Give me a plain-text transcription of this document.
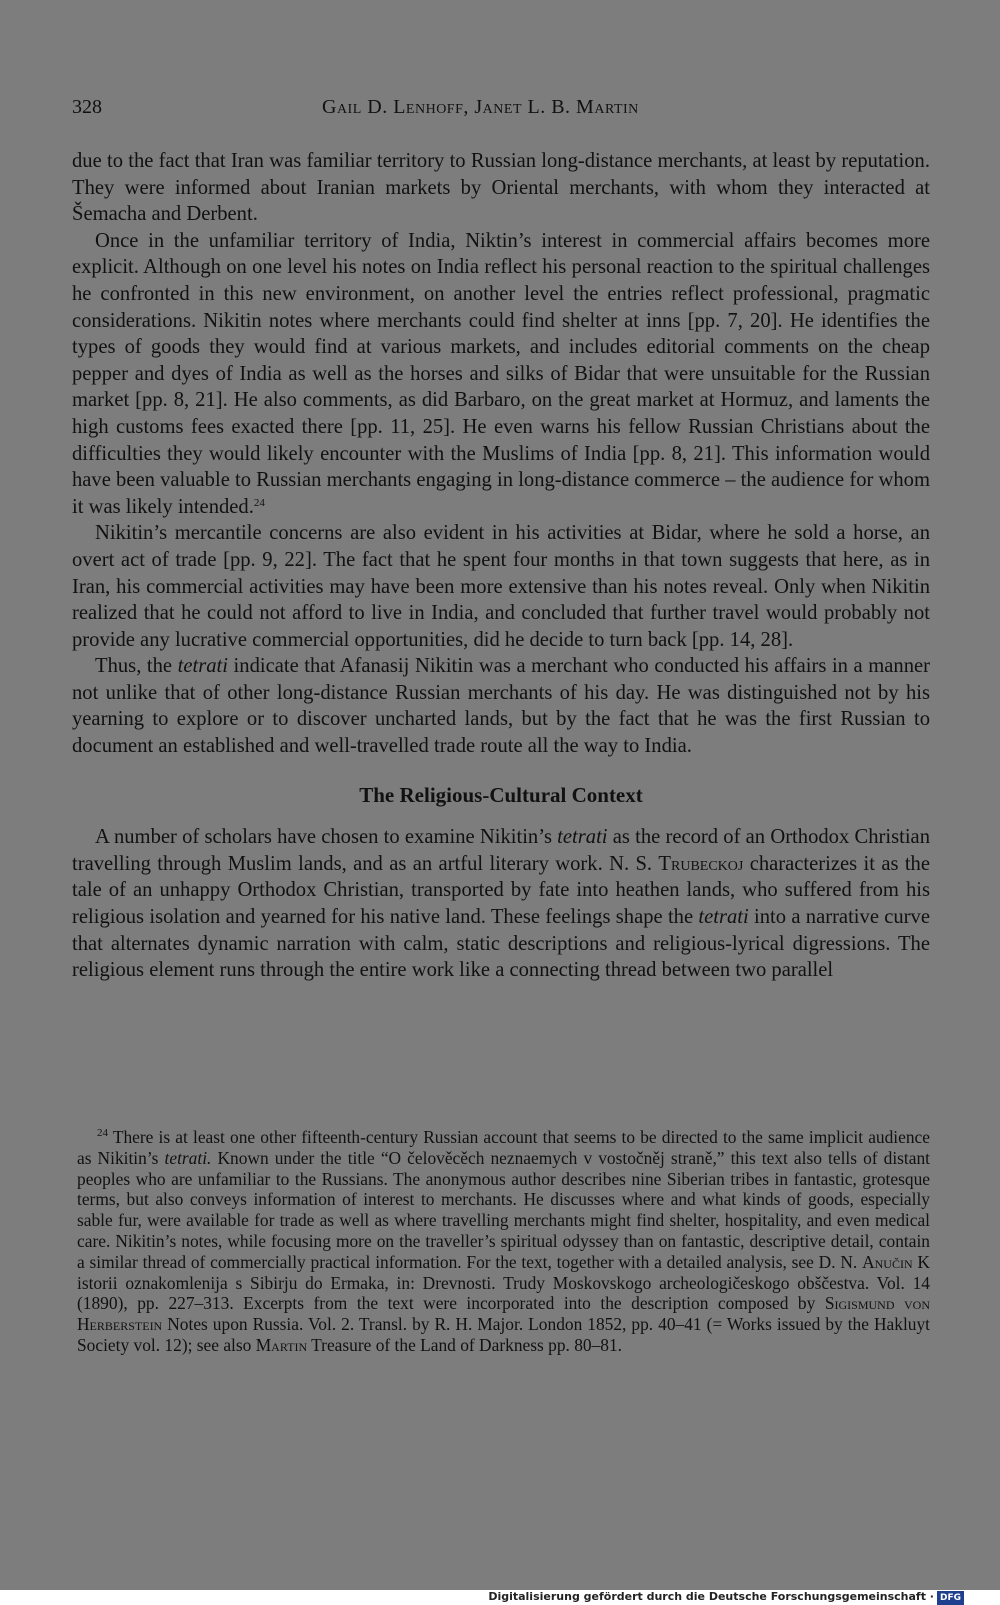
328	Gail D. Lenhoff, Janet L. B. Martin

due to the fact that Iran was familiar territory to Russian long-distance merchants, at least by reputation. They were informed about Iranian markets by Oriental merchants, with whom they interacted at Šemacha and Derbent.

Once in the unfamiliar territory of India, Niktin’s interest in commercial affairs becomes more explicit. Although on one level his notes on India reflect his personal reaction to the spiritual challenges he confronted in this new environment, on another level the entries reflect professional, pragmatic considerations. Nikitin notes where merchants could find shelter at inns [pp. 7, 20]. He identifies the types of goods they would find at various markets, and includes editorial comments on the cheap pepper and dyes of India as well as the horses and silks of Bidar that were unsuitable for the Russian market [pp. 8, 21]. He also comments, as did Barbaro, on the great market at Hormuz, and laments the high customs fees exacted there [pp. 11, 25]. He even warns his fellow Russian Christians about the difficulties they would likely encounter with the Muslims of India [pp. 8, 21]. This information would have been valuable to Russian merchants engaging in long-distance commerce – the audience for whom it was likely intended.$^{24}$

Nikitin’s mercantile concerns are also evident in his activities at Bidar, where he sold a horse, an overt act of trade [pp. 9, 22]. The fact that he spent four months in that town suggests that here, as in Iran, his commercial activities may have been more extensive than his notes reveal. Only when Nikitin realized that he could not afford to live in India, and concluded that further travel would probably not provide any lucrative commercial opportunities, did he decide to turn back [pp. 14, 28].

Thus, the tetrati indicate that Afanasij Nikitin was a merchant who conducted his affairs in a manner not unlike that of other long-distance Russian merchants of his day. He was distinguished not by his yearning to explore or to discover uncharted lands, but by the fact that he was the first Russian to document an established and well-travelled trade route all the way to India.

The Religious-Cultural Context

A number of scholars have chosen to examine Nikitin’s tetrati as the record of an Orthodox Christian travelling through Muslim lands, and as an artful literary work. N. S. Trubeckoj characterizes it as the tale of an unhappy Orthodox Christian, transported by fate into heathen lands, who suffered from his religious isolation and yearned for his native land. These feelings shape the tetrati into a narrative curve that alternates dynamic narration with calm, static descriptions and religious-lyrical digressions. The religious element runs through the entire work like a connecting thread between two parallel

$^{24}$ There is at least one other fifteenth-century Russian account that seems to be directed to the same implicit audience as Nikitin’s tetrati. Known under the title “O čelověcěch neznaemych v vostočněj straně,” this text also tells of distant peoples who are unfamiliar to the Russians. The anonymous author describes nine Siberian tribes in fantastic, grotesque terms, but also conveys information of interest to merchants. He discusses where and what kinds of goods, especially sable fur, were available for trade as well as where travelling merchants might find shelter, hospitality, and even medical care. Nikitin’s notes, while focusing more on the traveller’s spiritual odyssey than on fantastic, descriptive detail, contain a similar thread of commercially practical information. For the text, together with a detailed analysis, see D. N. Anučin K istorii oznakomlenija s Sibirju do Ermaka, in: Drevnosti. Trudy Moskovskogo archeologičeskogo obščestva. Vol. 14 (1890), pp. 227–313. Excerpts from the text were incorporated into the description composed by Sigismund von Herberstein Notes upon Russia. Vol. 2. Transl. by R. H. Major. London 1852, pp. 40–41 (= Works issued by the Hakluyt Society vol. 12); see also Martin Treasure of the Land of Darkness pp. 80–81.

Digitalisierung gefördert durch die Deutsche Forschungsgemeinschaft · DFG
